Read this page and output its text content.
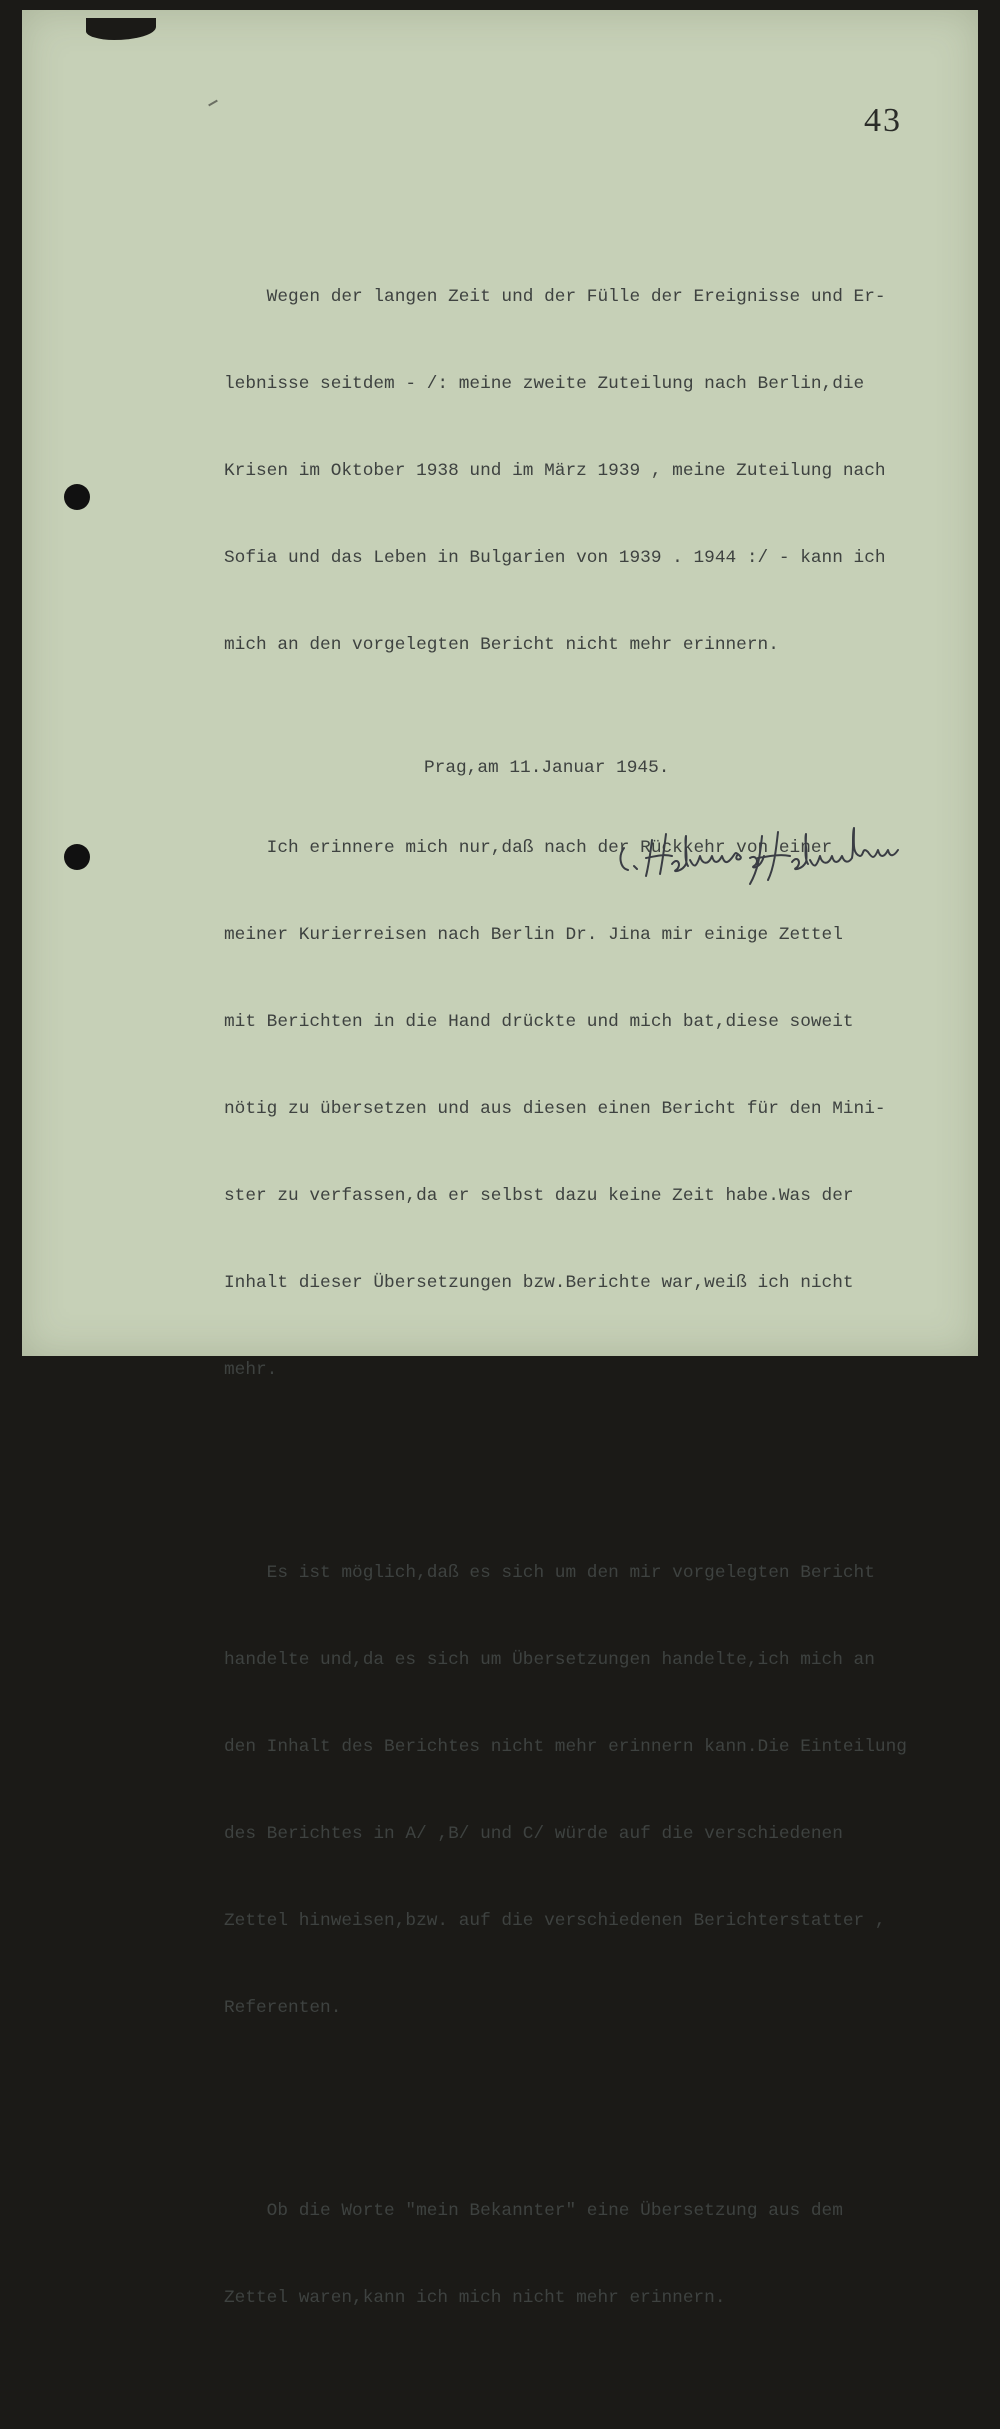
43

Wegen der langen Zeit und der Fülle der Ereignisse und Er-

lebnisse seitdem - /: meine zweite Zuteilung nach Berlin,die

Krisen im Oktober 1938 und im März 1939 , meine Zuteilung nach

Sofia und das Leben in Bulgarien von 1939 . 1944 :/ - kann ich

mich an den vorgelegten Bericht nicht mehr erinnern.

Ich erinnere mich nur,daß nach der Rückkehr von einer

meiner Kurierreisen nach Berlin Dr. Jina mir einige Zettel

mit Berichten in die Hand drückte und mich bat,diese soweit

nötig zu übersetzen und aus diesen einen Bericht für den Mini-

ster zu verfassen,da er selbst dazu keine Zeit habe.Was der

Inhalt dieser Übersetzungen bzw.Berichte war,weiß ich nicht

mehr.

Es ist möglich,daß es sich um den mir vorgelegten Bericht

handelte und,da es sich um Übersetzungen handelte,ich mich an

den Inhalt des Berichtes nicht mehr erinnern kann.Die Einteilung

des Berichtes in A/ ,B/ und C/ würde auf die verschiedenen

Zettel hinweisen,bzw. auf die verschiedenen Berichterstatter ,

Referenten.

Ob die Worte "mein Bekannter" eine Übersetzung aus dem

Zettel waren,kann ich mich nicht mehr erinnern.

Prag,am 11.Januar 1945.
